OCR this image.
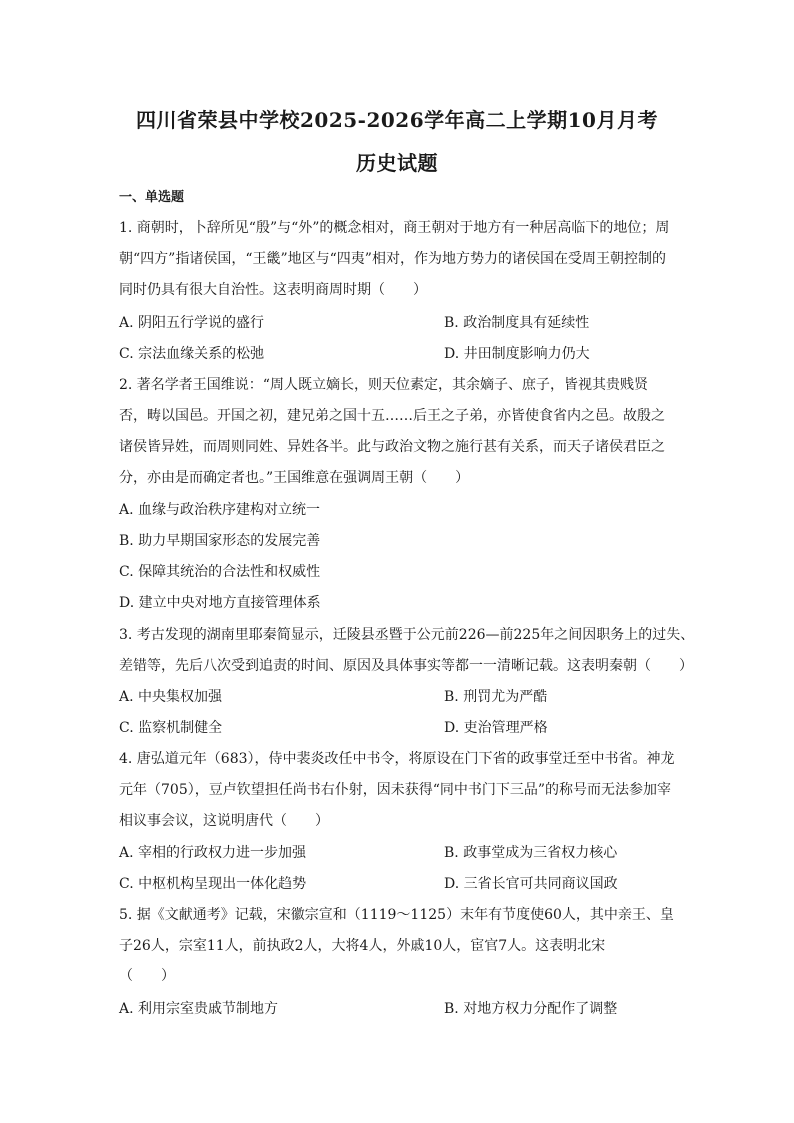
四川省荣县中学校2025-2026学年高二上学期10月月考
历史试题
一、单选题
1. 商朝时，卜辞所见“殷”与“外”的概念相对，商王朝对于地方有一种居高临下的地位；周
朝“四方”指诸侯国，“王畿”地区与“四夷”相对，作为地方势力的诸侯国在受周王朝控制的
同时仍具有很大自治性。这表明商周时期（　　）
A. 阴阳五行学说的盛行	B. 政治制度具有延续性
C. 宗法血缘关系的松弛	D. 井田制度影响力仍大
2. 著名学者王国维说：“周人既立嫡长，则天位素定，其余嫡子、庶子，皆视其贵贱贤
否，畴以国邑。开国之初，建兄弟之国十五……后王之子弟，亦皆使食省内之邑。故殷之
诸侯皆异姓，而周则同姓、异姓各半。此与政治文物之施行甚有关系，而天子诸侯君臣之
分，亦由是而确定者也。”王国维意在强调周王朝（　　）
A. 血缘与政治秩序建构对立统一
B. 助力早期国家形态的发展完善
C. 保障其统治的合法性和权威性
D. 建立中央对地方直接管理体系
3. 考古发现的湖南里耶秦简显示，迁陵县丞暨于公元前226—前225年之间因职务上的过失、
差错等，先后八次受到追责的时间、原因及具体事实等都一一清晰记载。这表明秦朝（　　）
A. 中央集权加强	B. 刑罚尤为严酷
C. 监察机制健全	D. 吏治管理严格
4. 唐弘道元年（683），侍中裴炎改任中书令，将原设在门下省的政事堂迁至中书省。神龙
元年（705），豆卢钦望担任尚书右仆射，因未获得“同中书门下三品”的称号而无法参加宰
相议事会议，这说明唐代（　　）
A. 宰相的行政权力进一步加强	B. 政事堂成为三省权力核心
C. 中枢机构呈现出一体化趋势	D. 三省长官可共同商议国政
5. 据《文献通考》记载，宋徽宗宣和（1119～1125）末年有节度使60人，其中亲王、皇
子26人，宗室11人，前执政2人，大将4人，外戚10人，宦官7人。这表明北宋
（　　）
A. 利用宗室贵戚节制地方	B. 对地方权力分配作了调整
